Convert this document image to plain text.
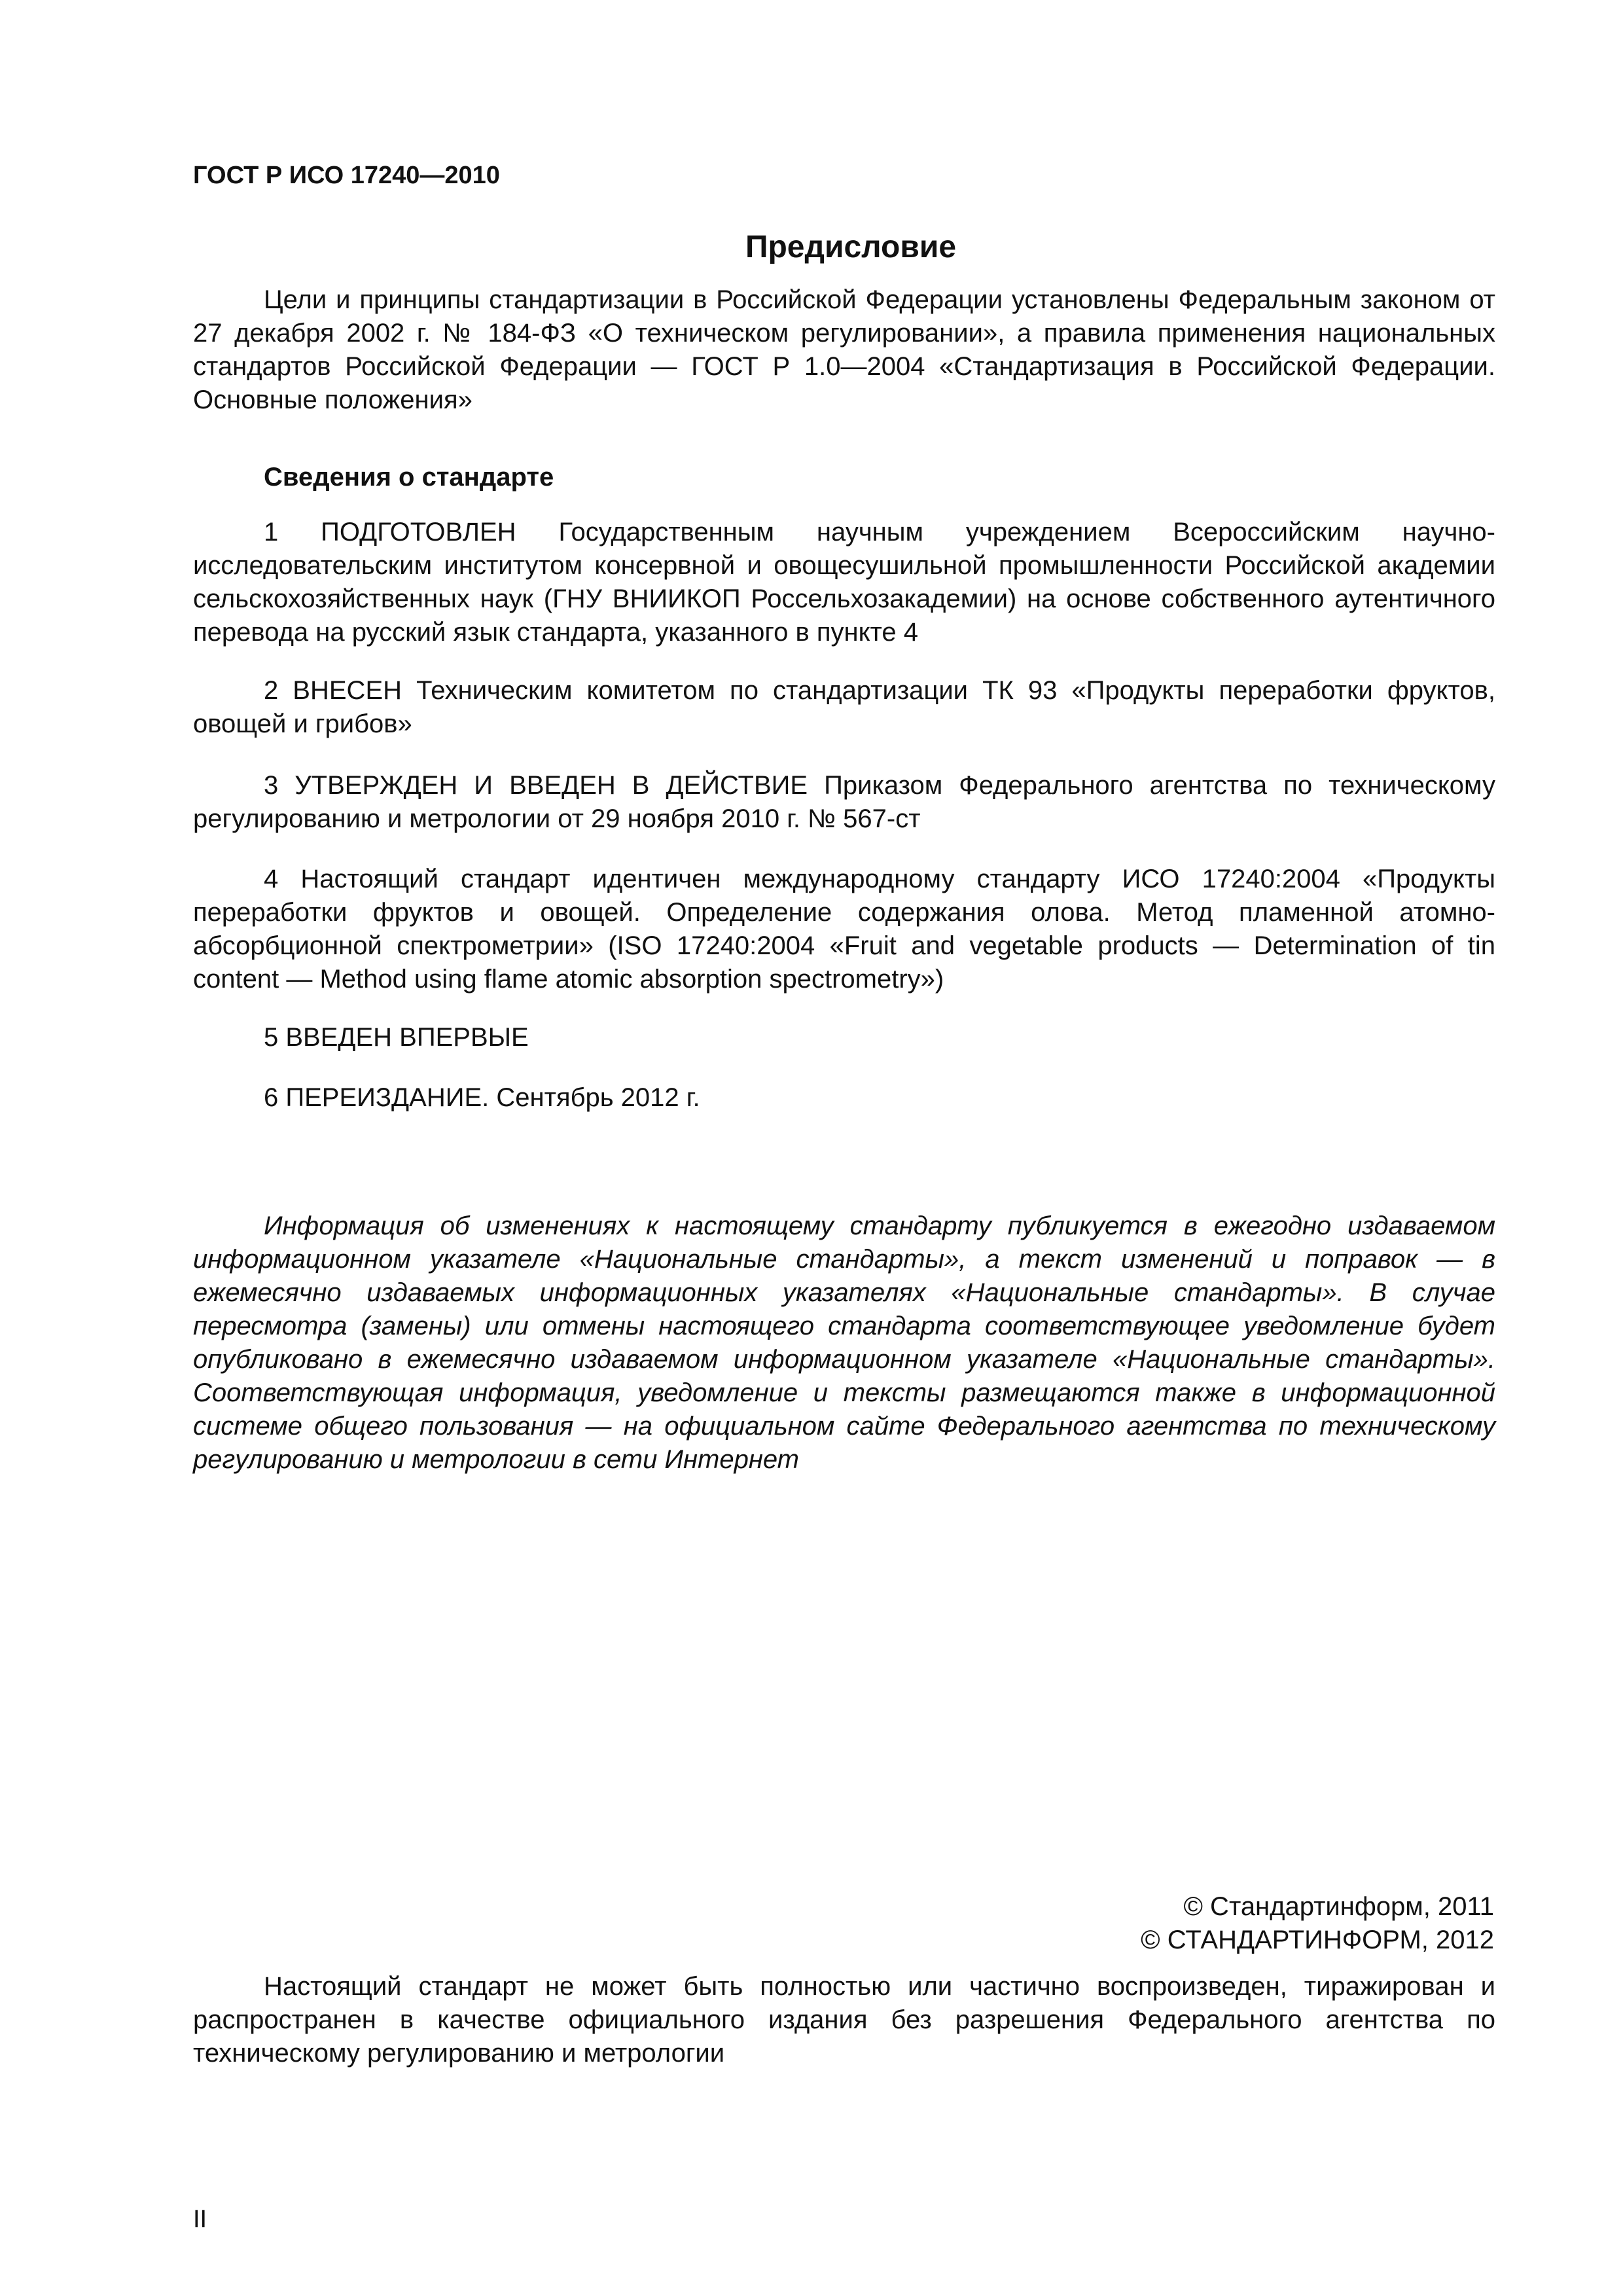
ГОСТ Р ИСО 17240—2010
Предисловие

Цели и принципы стандартизации в Российской Федерации установлены Федеральным законом от 27 декабря 2002 г. № 184-ФЗ «О техническом регулировании», а правила применения национальных стандартов Российской Федерации — ГОСТ Р 1.0—2004 «Стандартизация в Российской Федерации. Основные положения»

Сведения о стандарте

1 ПОДГОТОВЛЕН Государственным научным учреждением Всероссийским научно-исследовательским институтом консервной и овощесушильной промышленности Российской академии сельскохозяйственных наук (ГНУ ВНИИКОП Россельхозакадемии) на основе собственного аутентичного перевода на русский язык стандарта, указанного в пункте 4

2 ВНЕСЕН Техническим комитетом по стандартизации ТК 93 «Продукты переработки фруктов, овощей и грибов»

3 УТВЕРЖДЕН И ВВЕДЕН В ДЕЙСТВИЕ Приказом Федерального агентства по техническому регулированию и метрологии от 29 ноября 2010 г. № 567-ст

4 Настоящий стандарт идентичен международному стандарту ИСО 17240:2004 «Продукты переработки фруктов и овощей. Определение содержания олова. Метод пламенной атомно-абсорбционной спектрометрии» (ISO 17240:2004 «Fruit and vegetable products — Determination of tin content — Method using flame atomic absorption spectrometry»)

5 ВВЕДЕН ВПЕРВЫЕ

6 ПЕРЕИЗДАНИЕ. Сентябрь 2012 г.

Информация об изменениях к настоящему стандарту публикуется в ежегодно издаваемом информационном указателе «Национальные стандарты», а текст изменений и поправок — в ежемесячно издаваемых информационных указателях «Национальные стандарты». В случае пересмотра (замены) или отмены настоящего стандарта соответствующее уведомление будет опубликовано в ежемесячно издаваемом информационном указателе «Национальные стандарты». Соответствующая информация, уведомление и тексты размещаются также в информационной системе общего пользования — на официальном сайте Федерального агентства по техническому регулированию и метрологии в сети Интернет

© Стандартинформ, 2011
© СТАНДАРТИНФОРМ, 2012

Настоящий стандарт не может быть полностью или частично воспроизведен, тиражирован и распространен в качестве официального издания без разрешения Федерального агентства по техническому регулированию и метрологии

II
